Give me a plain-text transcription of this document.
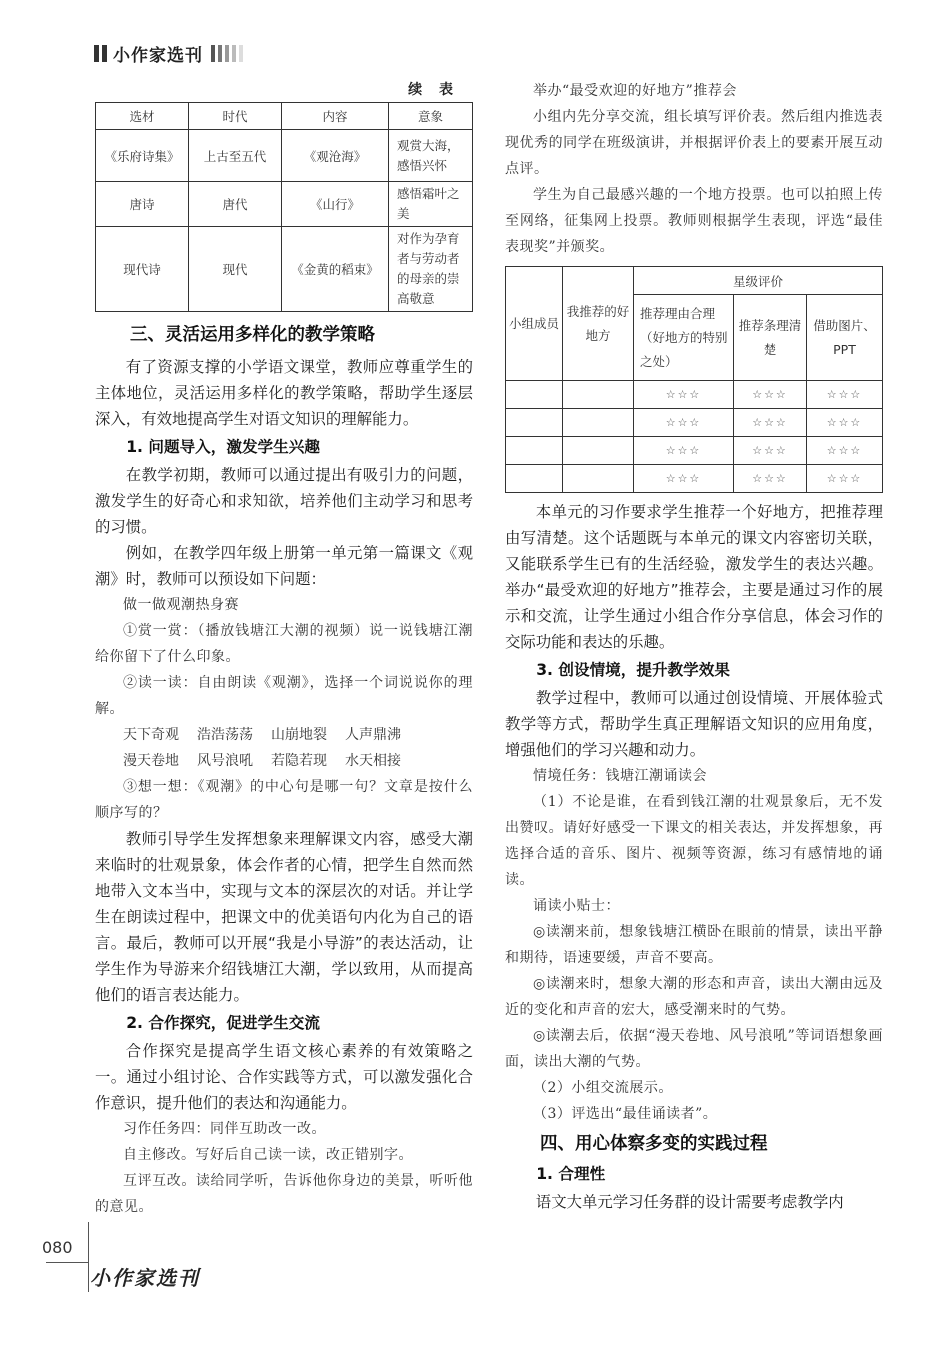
小作家选刊
续 表
选材	时代	内容	意象
《乐府诗集》	上古至五代	《观沧海》	观赏大海，感悟兴怀
唐诗	唐代	《山行》	感悟霜叶之美
现代诗	现代	《金黄的稻束》	对作为孕育者与劳动者的母亲的崇高敬意
三、灵活运用多样化的教学策略

有了资源支撑的小学语文课堂，教师应尊重学生的主体地位，灵活运用多样化的教学策略，帮助学生逐层深入，有效地提高学生对语文知识的理解能力。

1. 问题导入，激发学生兴趣

在教学初期，教师可以通过提出有吸引力的问题，激发学生的好奇心和求知欲，培养他们主动学习和思考的习惯。

例如，在教学四年级上册第一单元第一篇课文《观潮》时，教师可以预设如下问题：

做一做观潮热身赛

①赏一赏：（播放钱塘江大潮的视频）说一说钱塘江潮给你留下了什么印象。

②读一读：自由朗读《观潮》，选择一个词说说你的理解。

天下奇观 浩浩荡荡 山崩地裂 人声鼎沸
漫天卷地 风号浪吼 若隐若现 水天相接

③想一想：《观潮》的中心句是哪一句？文章是按什么顺序写的？

教师引导学生发挥想象来理解课文内容，感受大潮来临时的壮观景象，体会作者的心情，把学生自然而然地带入文本当中，实现与文本的深层次的对话。并让学生在朗读过程中，把课文中的优美语句内化为自己的语言。最后，教师可以开展“我是小导游”的表达活动，让学生作为导游来介绍钱塘江大潮，学以致用，从而提高他们的语言表达能力。

2. 合作探究，促进学生交流

合作探究是提高学生语文核心素养的有效策略之一。通过小组讨论、合作实践等方式，可以激发强化合作意识，提升他们的表达和沟通能力。

习作任务四：同伴互助改一改。

自主修改。写好后自己读一读，改正错别字。

互评互改。读给同学听，告诉他你身边的美景，听听他的意见。

举办“最受欢迎的好地方”推荐会

小组内先分享交流，组长填写评价表。然后组内推选表现优秀的同学在班级演讲，并根据评价表上的要素开展互动点评。

学生为自己最感兴趣的一个地方投票。也可以拍照上传至网络，征集网上投票。教师则根据学生表现，评选“最佳表现奖”并颁奖。

小组成员	我推荐的好地方	星级评价		
		推荐理由合理（好地方的特别之处）	推荐条理清楚	借助图片、PPT
		☆☆☆	☆☆☆	☆☆☆
		☆☆☆	☆☆☆	☆☆☆
		☆☆☆	☆☆☆	☆☆☆
		☆☆☆	☆☆☆	☆☆☆

本单元的习作要求学生推荐一个好地方，把推荐理由写清楚。这个话题既与本单元的课文内容密切关联，又能联系学生已有的生活经验，激发学生的表达兴趣。举办“最受欢迎的好地方”推荐会，主要是通过习作的展示和交流，让学生通过小组合作分享信息，体会习作的交际功能和表达的乐趣。

3. 创设情境，提升教学效果

教学过程中，教师可以通过创设情境、开展体验式教学等方式，帮助学生真正理解语文知识的应用角度，增强他们的学习兴趣和动力。

情境任务：钱塘江潮诵读会

（1）不论是谁，在看到钱江潮的壮观景象后，无不发出赞叹。请好好感受一下课文的相关表达，并发挥想象，再选择合适的音乐、图片、视频等资源，练习有感情地的诵读。

诵读小贴士：

◎读潮来前，想象钱塘江横卧在眼前的情景，读出平静和期待，语速要缓，声音不要高。

◎读潮来时，想象大潮的形态和声音，读出大潮由远及近的变化和声音的宏大，感受潮来时的气势。

◎读潮去后，依据“漫天卷地、风号浪吼”等词语想象画面，读出大潮的气势。

（2）小组交流展示。

（3）评选出“最佳诵读者”。

四、用心体察多变的实践过程
1. 合理性

语文大单元学习任务群的设计需要考虑教学内

080
小作家选刊
